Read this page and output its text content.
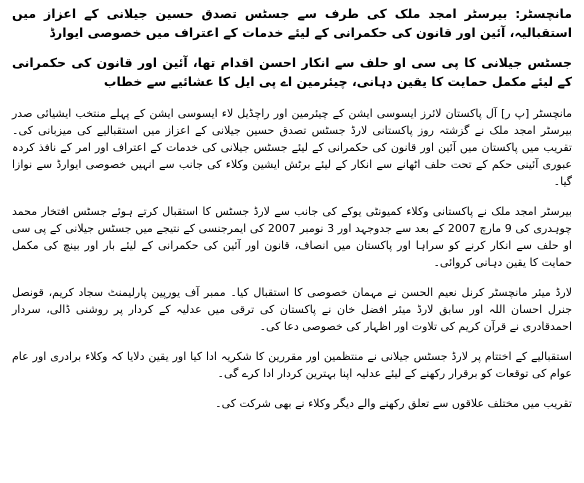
مانچسٹر: بیرسٹر امجد ملک کی طرف سے جسٹس تصدق حسین جیلانی کے اعزاز میں استقبالیہ، آئین اور قانون کی حکمرانی کے لیئے خدمات کے اعتراف میں خصوصی ایوارڈ
جسٹس جیلانی کا پی سی او حلف سے انکار احسن اقدام تھا، آئین اور قانون کی حکمرانی کے لیئے مکمل حمایت کا یقین دہانی، چیئرمین اے پی ایل کا عشائیے سے خطاب

مانچسٹر [پ ر] آل پاکستان لائرز ایسوسی ایشن کے چیئرمین اور راچڈیل لاء ایسوسی ایشن کے پہلے منتخب ایشیائی صدر بیرسٹر امجد ملک نے گزشتہ روز پاکستانی لارڈ جسٹس تصدق حسین جیلانی کے اعزاز میں استقبالیے کی میزبانی کی۔ تقریب میں پاکستان میں آئین اور قانون کی حکمرانی کے لیئے جسٹس جیلانی کی خدمات کے اعتراف اور امر کے نافذ کردہ عبوری آئینی حکم کے تحت حلف اٹھانے سے انکار کے لیئے برٹش ایشین وکلاء کی جانب سے انہیں خصوصی ایوارڈ سے نوازا گیا۔

بیرسٹر امجد ملک نے پاکستانی وکلاء کمیونٹی یوکے کی جانب سے لارڈ جسٹس کا استقبال کرتے ہوئے جسٹس افتخار محمد چوہدری کی 9 مارچ 2007 کے بعد سے جدوجہد اور 3 نومبر 2007 کی ایمرجنسی کے نتیجے میں جسٹس جیلانی کے پی سی او حلف سے انکار کرنے کو سراہا اور پاکستان میں انصاف، قانون اور آئین کی حکمرانی کے لیئے بار اور بینچ کی مکمل حمایت کا یقین دہانی کروائی۔

لارڈ میئر مانچسٹر کرنل نعیم الحسن نے مہمان خصوصی کا استقبال کیا۔ ممبر آف یورپین پارلیمنٹ سجاد کریم، قونصل جنرل احسان اللہ اور سابق لارڈ میئر افضل خان نے پاکستان کی ترقی میں عدلیہ کے کردار پر روشنی ڈالی، سردار احمدقادری نے قرآن کریم کی تلاوت اور اظہار کی خصوصی دعا کی۔

استقبالیے کے اختتام پر لارڈ جسٹس جیلانی نے منتظمین اور مقررین کا شکریہ ادا کیا اور یقین دلایا کہ وکلاء برادری اور عام عوام کی توقعات کو برقرار رکھنے کے لیئے عدلیہ اپنا بہترین کردار ادا کرے گی۔

تقریب میں مختلف علاقوں سے تعلق رکھنے والے دیگر وکلاء نے بھی شرکت کی۔
